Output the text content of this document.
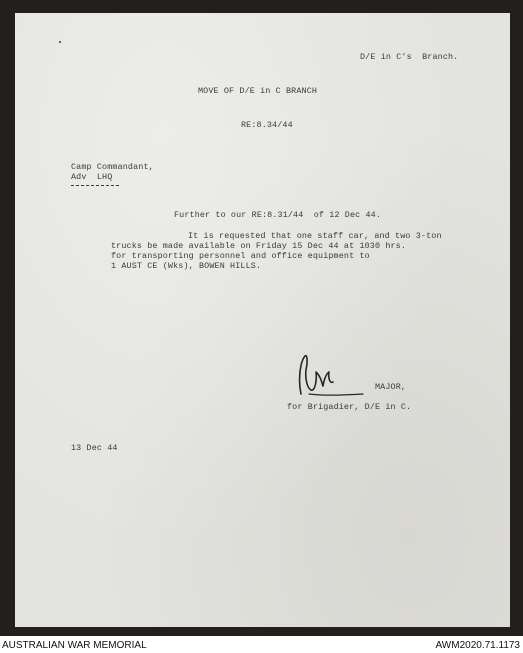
D/E in C's  Branch.
MOVE OF D/E in C BRANCH
RE:8.34/44
Camp Commandant,
Adv  LHQ
Further to our RE:8.31/44  of 12 Dec 44.
It is requested that one staff car, and two 3-ton
trucks be made available on Friday 15 Dec 44 at 1030 hrs.
for transporting personnel and office equipment to
1 AUST CE (Wks), BOWEN HILLS.
MAJOR,
for Brigadier, D/E in C.
13 Dec 44
AUSTRALIAN WAR MEMORIAL	AWM2020.71.1173
